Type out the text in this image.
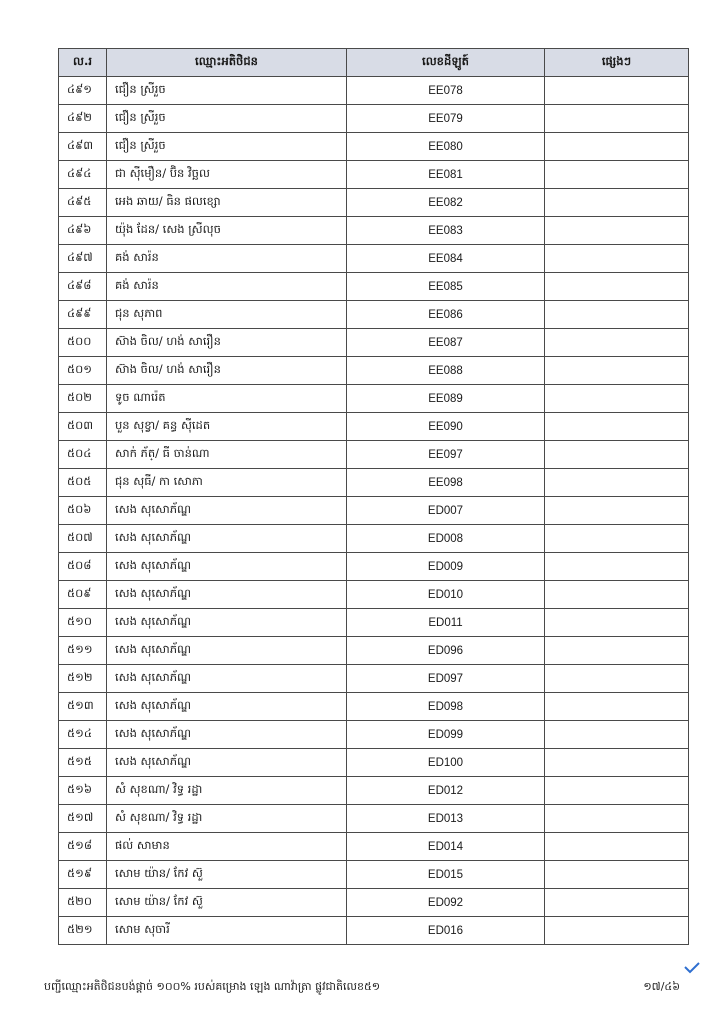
ល.រ	ឈ្មោះអតិថិជន	លេខដីឡូត៍	ផ្សេងៗ
៤៩១	ជឿន ស្រីរួច	EE078	
៤៩២	ជឿន ស្រីរួច	EE079	
៤៩៣	ជឿន ស្រីរួច	EE080	
៤៩៤	ជា ស៊ីមឿន/ ប៊ិន វិច្ឆល	EE081	
៤៩៥	អេង ឆាយ/ ធិន ផលខ្សោ	EE082	
៤៩៦	យ៉ុង ដែន/ សេង ស្រីលុច	EE083	
៤៩៧	គង់ សារ៉ន	EE084	
៤៩៨	គង់ សារ៉ន	EE085	
៤៩៩	ជុន សុភាព	EE086	
៥០០	ស៊ាង ចិល/ ហង់ សារឿន	EE087	
៥០១	ស៊ាង ចិល/ ហង់ សារឿន	EE088	
៥០២	ទូច ណារ៉េត	EE089	
៥០៣	បួន សុខ្វា/ គន្ធ ស៊ីដេត	EE090	
៥០៤	សាក់ ភ័ត្/ ធី ចាន់ណា	EE097	
៥០៥	ជុន សុធី/ កា សោភា	EE098	
៥០៦	សេង សុសោភ័ណ្ឌ	ED007	
៥០៧	សេង សុសោភ័ណ្ឌ	ED008	
៥០៨	សេង សុសោភ័ណ្ឌ	ED009	
៥០៩	សេង សុសោភ័ណ្ឌ	ED010	
៥១០	សេង សុសោភ័ណ្ឌ	ED011	
៥១១	សេង សុសោភ័ណ្ឌ	ED096	
៥១២	សេង សុសោភ័ណ្ឌ	ED097	
៥១៣	សេង សុសោភ័ណ្ឌ	ED098	
៥១៤	សេង សុសោភ័ណ្ឌ	ED099	
៥១៥	សេង សុសោភ័ណ្ឌ	ED100	
៥១៦	សំ សុខណា/ វិទ្ធ រដ្ឋា	ED012	
៥១៧	សំ សុខណា/ វិទ្ធ រដ្ឋា	ED013	
៥១៨	ផល់ សាមាន	ED014	
៥១៩	សោម យ៉ាន/ កែវ ស៊ួ	ED015	
៥២០	សោម យ៉ាន/ កែវ ស៊ួ	ED092	
៥២១	សោម សុចារី	ED016	
បញ្ជីឈ្មោះអតិថិជនបង់ផ្តាច់ ១០០% របស់គម្រោង ឡេង ណាវ៉ាត្រា ផ្លូវជាតិលេខ៥១	១៧/៤៦
